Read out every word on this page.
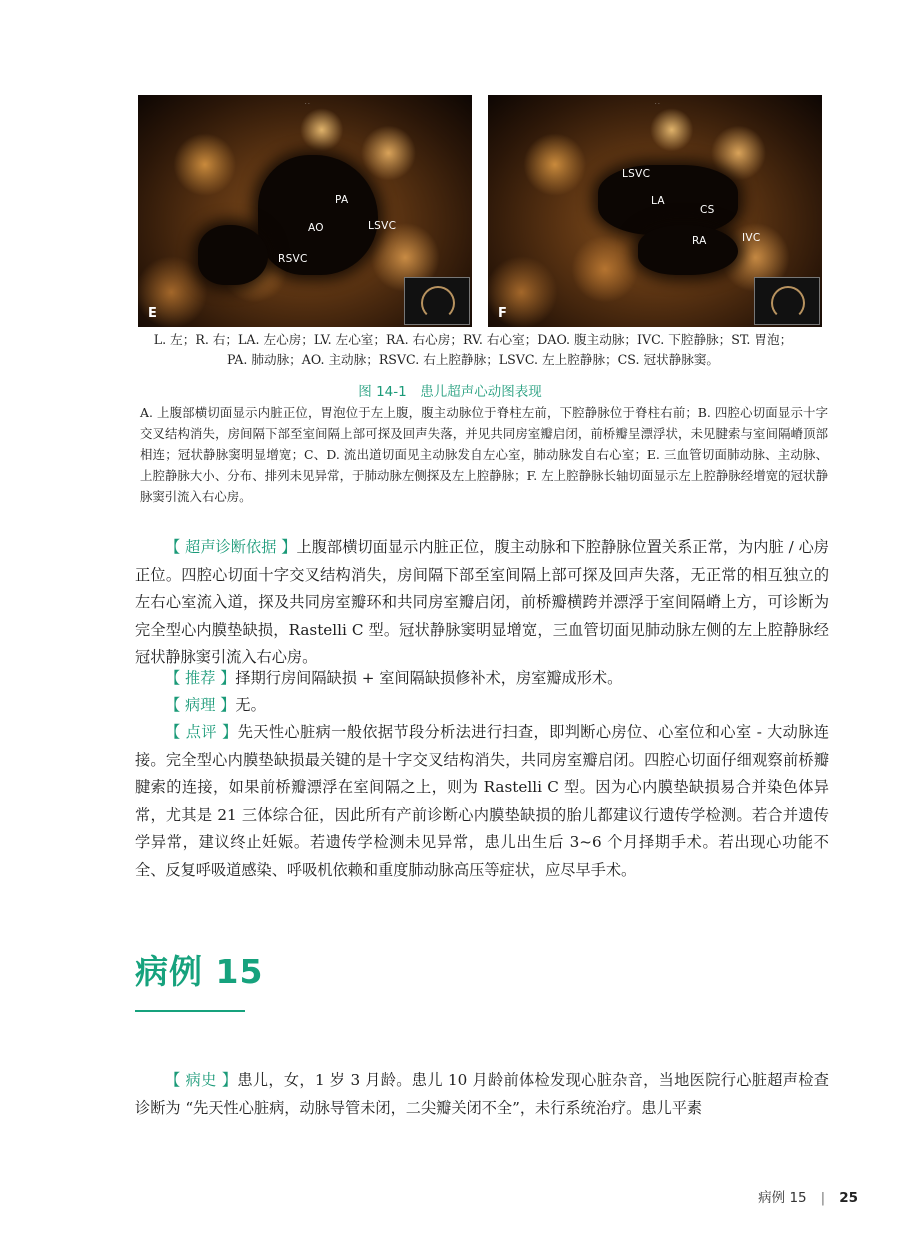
· ·
PA
AO	LSVC
RSVC
E
· ·
LSVC
LA
CS
RA	IVC
F
L. 左；R. 右；LA. 左心房；LV. 左心室；RA. 右心房；RV. 右心室；DAO. 腹主动脉；IVC. 下腔静脉；ST. 胃泡；
PA. 肺动脉；AO. 主动脉；RSVC. 右上腔静脉；LSVC. 左上腔静脉；CS. 冠状静脉窦。
图 14-1　患儿超声心动图表现
A. 上腹部横切面显示内脏正位，胃泡位于左上腹，腹主动脉位于脊柱左前，下腔静脉位于脊柱右前；B. 四腔心切面显示十字交叉结构消失，房间隔下部至室间隔上部可探及回声失落，并见共同房室瓣启闭，前桥瓣呈漂浮状，未见腱索与室间隔嵴顶部相连；冠状静脉窦明显增宽；C、D. 流出道切面见主动脉发自左心室，肺动脉发自右心室；E. 三血管切面肺动脉、主动脉、上腔静脉大小、分布、排列未见异常，于肺动脉左侧探及左上腔静脉；F. 左上腔静脉长轴切面显示左上腔静脉经增宽的冠状静脉窦引流入右心房。
【 超声诊断依据 】上腹部横切面显示内脏正位，腹主动脉和下腔静脉位置关系正常，为内脏 / 心房正位。四腔心切面十字交叉结构消失，房间隔下部至室间隔上部可探及回声失落，无正常的相互独立的左右心室流入道，探及共同房室瓣环和共同房室瓣启闭，前桥瓣横跨并漂浮于室间隔嵴上方，可诊断为完全型心内膜垫缺损，Rastelli C 型。冠状静脉窦明显增宽，三血管切面见肺动脉左侧的左上腔静脉经冠状静脉窦引流入右心房。
【 推荐 】择期行房间隔缺损 + 室间隔缺损修补术，房室瓣成形术。
【 病理 】无。
【 点评 】先天性心脏病一般依据节段分析法进行扫查，即判断心房位、心室位和心室 - 大动脉连接。完全型心内膜垫缺损最关键的是十字交叉结构消失，共同房室瓣启闭。四腔心切面仔细观察前桥瓣腱索的连接，如果前桥瓣漂浮在室间隔之上，则为 Rastelli C 型。因为心内膜垫缺损易合并染色体异常，尤其是 21 三体综合征，因此所有产前诊断心内膜垫缺损的胎儿都建议行遗传学检测。若合并遗传学异常，建议终止妊娠。若遗传学检测未见异常，患儿出生后 3~6 个月择期手术。若出现心功能不全、反复呼吸道感染、呼吸机依赖和重度肺动脉高压等症状，应尽早手术。
病例 15
【 病史 】患儿，女，1 岁 3 月龄。患儿 10 月龄前体检发现心脏杂音，当地医院行心脏超声检查诊断为 “先天性心脏病，动脉导管未闭，二尖瓣关闭不全”，未行系统治疗。患儿平素
病例 15 | 25
